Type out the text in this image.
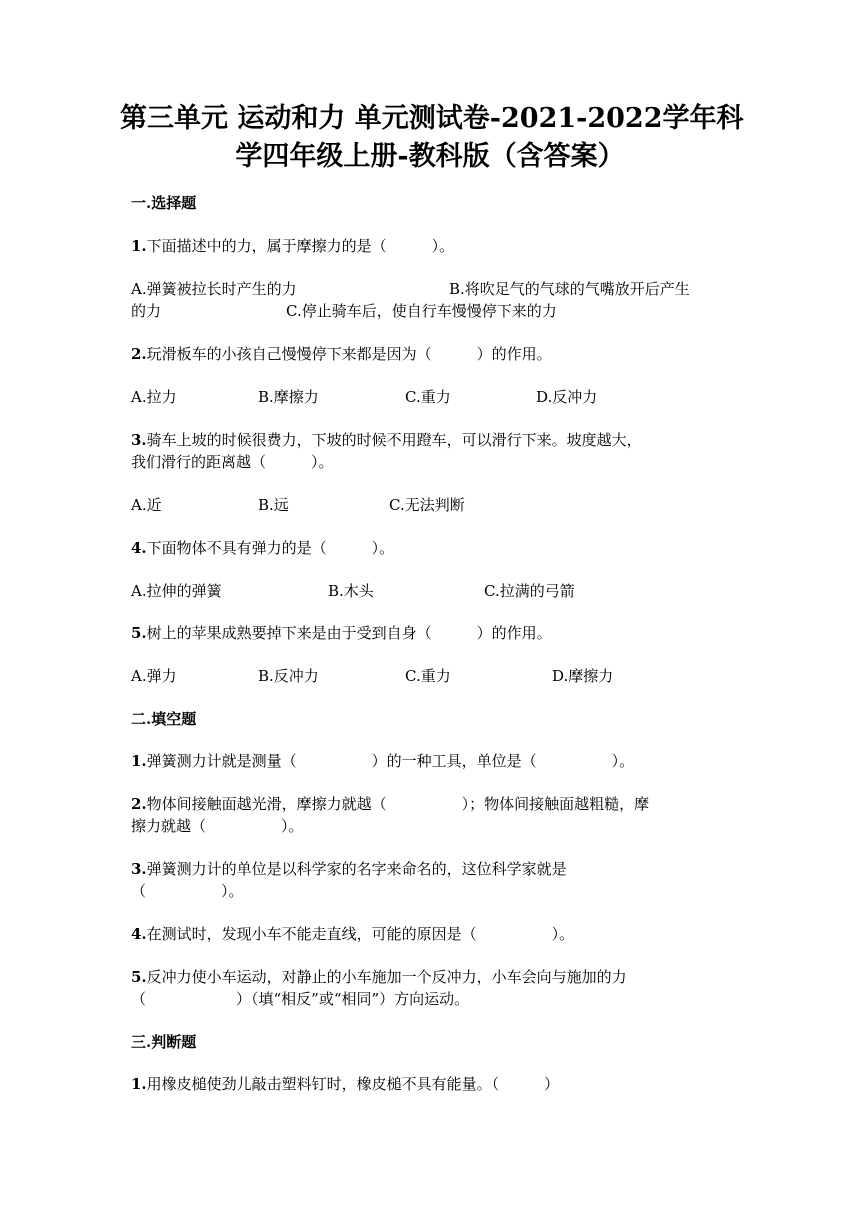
第三单元 运动和力 单元测试卷-2021-2022学年科
学四年级上册-教科版（含答案）
一.选择题
1.下面描述中的力，属于摩擦力的是（　　　）。
A.弹簧被拉长时产生的力	B.将吹足气的气球的气嘴放开后产生
的力	C.停止骑车后，使自行车慢慢停下来的力
2.玩滑板车的小孩自己慢慢停下来都是因为（　　　）的作用。
A.拉力	B.摩擦力	C.重力	D.反冲力
3.骑车上坡的时候很费力，下坡的时候不用蹬车，可以滑行下来。坡度越大，
我们滑行的距离越（　　　）。
A.近	B.远	C.无法判断
4.下面物体不具有弹力的是（　　　）。
A.拉伸的弹簧	B.木头	C.拉满的弓箭
5.树上的苹果成熟要掉下来是由于受到自身（　　　）的作用。
A.弹力	B.反冲力	C.重力	D.摩擦力
二.填空题
1.弹簧测力计就是测量（　　　　　）的一种工具，单位是（　　　　　）。
2.物体间接触面越光滑，摩擦力就越（　　　　　）；物体间接触面越粗糙，摩
擦力就越（　　　　　）。
3.弹簧测力计的单位是以科学家的名字来命名的，这位科学家就是
（　　　　　）。
4.在测试时，发现小车不能走直线，可能的原因是（　　　　　）。
5.反冲力使小车运动，对静止的小车施加一个反冲力，小车会向与施加的力
（　　　　　　）（填“相反”或“相同”）方向运动。
三.判断题
1.用橡皮槌使劲儿敲击塑料钉时，橡皮槌不具有能量。（　　　）
